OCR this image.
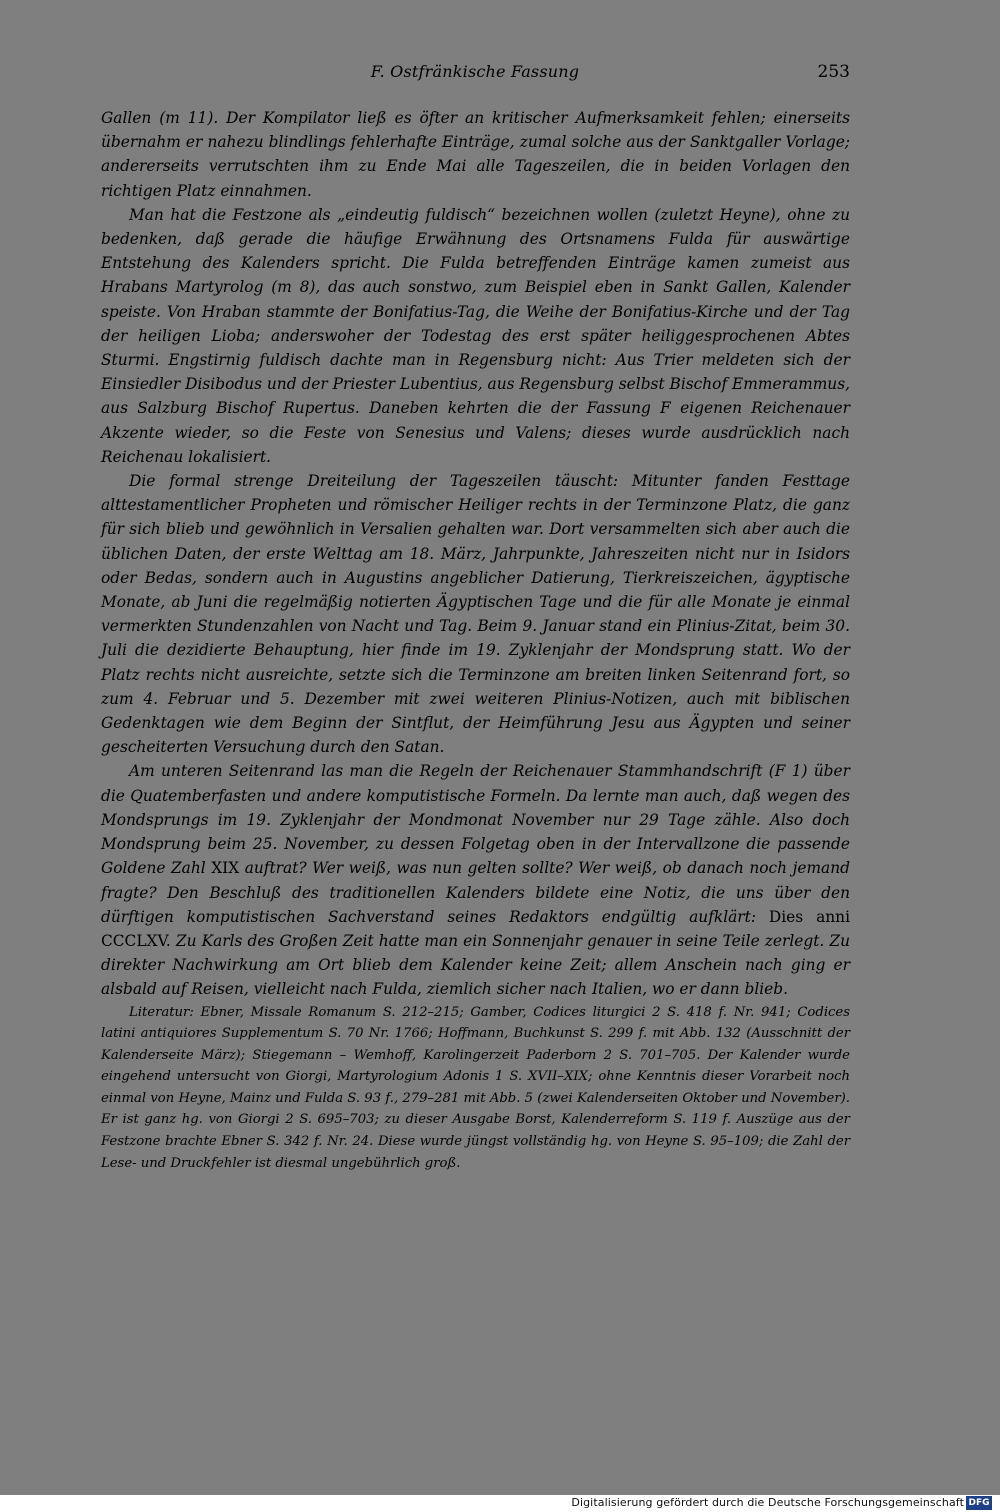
F. Ostfränkische Fassung	253

Gallen (m 11). Der Kompilator ließ es öfter an kritischer Aufmerksamkeit fehlen; einerseits übernahm er nahezu blindlings fehlerhafte Einträge, zumal solche aus der Sanktgaller Vorlage; andererseits verrutschten ihm zu Ende Mai alle Tageszeilen, die in beiden Vorlagen den richtigen Platz einnahmen.

Man hat die Festzone als „eindeutig fuldisch“ bezeichnen wollen (zuletzt Heyne), ohne zu bedenken, daß gerade die häufige Erwähnung des Ortsnamens Fulda für auswärtige Entstehung des Kalenders spricht. Die Fulda betreffenden Einträge kamen zumeist aus Hrabans Martyrolog (m 8), das auch sonstwo, zum Beispiel eben in Sankt Gallen, Kalender speiste. Von Hraban stammte der Bonifatius-Tag, die Weihe der Bonifatius-Kirche und der Tag der heiligen Lioba; anderswoher der Todestag des erst später heiliggesprochenen Abtes Sturmi. Engstirnig fuldisch dachte man in Regensburg nicht: Aus Trier meldeten sich der Einsiedler Disibodus und der Priester Lubentius, aus Regensburg selbst Bischof Emmerammus, aus Salzburg Bischof Rupertus. Daneben kehrten die der Fassung F eigenen Reichenauer Akzente wieder, so die Feste von Senesius und Valens; dieses wurde ausdrücklich nach Reichenau lokalisiert.

Die formal strenge Dreiteilung der Tageszeilen täuscht: Mitunter fanden Festtage alttestamentlicher Propheten und römischer Heiliger rechts in der Terminzone Platz, die ganz für sich blieb und gewöhnlich in Versalien gehalten war. Dort versammelten sich aber auch die üblichen Daten, der erste Welttag am 18. März, Jahrpunkte, Jahreszeiten nicht nur in Isidors oder Bedas, sondern auch in Augustins angeblicher Datierung, Tierkreiszeichen, ägyptische Monate, ab Juni die regelmäßig notierten Ägyptischen Tage und die für alle Monate je einmal vermerkten Stundenzahlen von Nacht und Tag. Beim 9. Januar stand ein Plinius-Zitat, beim 30. Juli die dezidierte Behauptung, hier finde im 19. Zyklenjahr der Mondsprung statt. Wo der Platz rechts nicht ausreichte, setzte sich die Terminzone am breiten linken Seitenrand fort, so zum 4. Februar und 5. Dezember mit zwei weiteren Plinius-Notizen, auch mit biblischen Gedenktagen wie dem Beginn der Sintflut, der Heimführung Jesu aus Ägypten und seiner gescheiterten Versuchung durch den Satan.

Am unteren Seitenrand las man die Regeln der Reichenauer Stammhandschrift (F 1) über die Quatemberfasten und andere komputistische Formeln. Da lernte man auch, daß wegen des Mondsprungs im 19. Zyklenjahr der Mondmonat November nur 29 Tage zähle. Also doch Mondsprung beim 25. November, zu dessen Folgetag oben in der Intervallzone die passende Goldene Zahl XIX auftrat? Wer weiß, was nun gelten sollte? Wer weiß, ob danach noch jemand fragte? Den Beschluß des traditionellen Kalenders bildete eine Notiz, die uns über den dürftigen komputistischen Sachverstand seines Redaktors endgültig aufklärt: Dies anni CCCLXV. Zu Karls des Großen Zeit hatte man ein Sonnenjahr genauer in seine Teile zerlegt. Zu direkter Nachwirkung am Ort blieb dem Kalender keine Zeit; allem Anschein nach ging er alsbald auf Reisen, vielleicht nach Fulda, ziemlich sicher nach Italien, wo er dann blieb.

Literatur: Ebner, Missale Romanum S. 212–215; Gamber, Codices liturgici 2 S. 418 f. Nr. 941; Codices latini antiquiores Supplementum S. 70 Nr. 1766; Hoffmann, Buchkunst S. 299 f. mit Abb. 132 (Ausschnitt der Kalenderseite März); Stiegemann – Wemhoff, Karolingerzeit Paderborn 2 S. 701–705. Der Kalender wurde eingehend untersucht von Giorgi, Martyrologium Adonis 1 S. XVII–XIX; ohne Kenntnis dieser Vorarbeit noch einmal von Heyne, Mainz und Fulda S. 93 f., 279–281 mit Abb. 5 (zwei Kalenderseiten Oktober und November). Er ist ganz hg. von Giorgi 2 S. 695–703; zu dieser Ausgabe Borst, Kalenderreform S. 119 f. Auszüge aus der Festzone brachte Ebner S. 342 f. Nr. 24. Diese wurde jüngst vollständig hg. von Heyne S. 95–109; die Zahl der Lese- und Druckfehler ist diesmal ungebührlich groß.

Digitalisierung gefördert durch die Deutsche Forschungsgemeinschaft DFG
